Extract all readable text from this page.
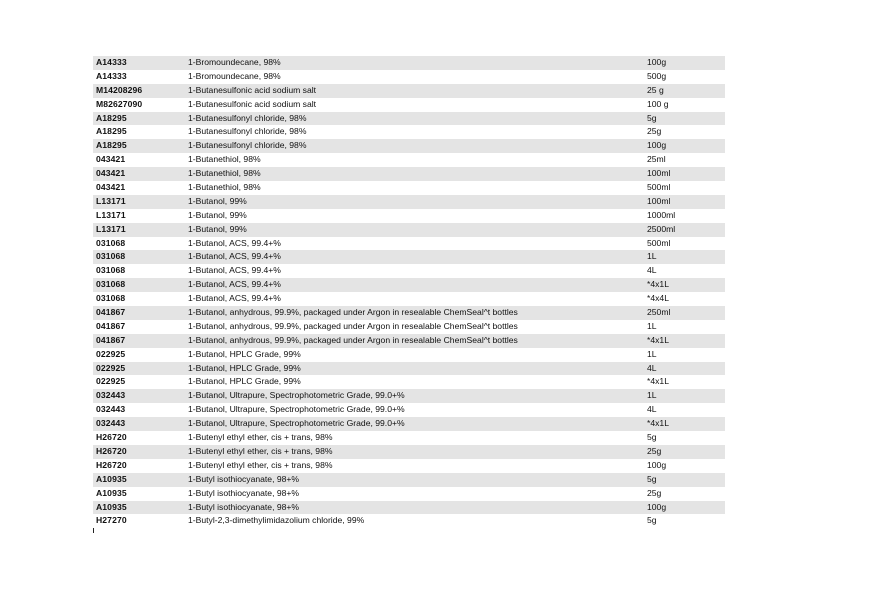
A14333	1-Bromoundecane, 98%	100g
A14333	1-Bromoundecane, 98%	500g
M14208296	1-Butanesulfonic acid sodium salt	25 g
M82627090	1-Butanesulfonic acid sodium salt	100 g
A18295	1-Butanesulfonyl chloride, 98%	5g
A18295	1-Butanesulfonyl chloride, 98%	25g
A18295	1-Butanesulfonyl chloride, 98%	100g
043421	1-Butanethiol, 98%	25ml
043421	1-Butanethiol, 98%	100ml
043421	1-Butanethiol, 98%	500ml
L13171	1-Butanol, 99%	100ml
L13171	1-Butanol, 99%	1000ml
L13171	1-Butanol, 99%	2500ml
031068	1-Butanol, ACS, 99.4+%	500ml
031068	1-Butanol, ACS, 99.4+%	1L
031068	1-Butanol, ACS, 99.4+%	4L
031068	1-Butanol, ACS, 99.4+%	*4x1L
031068	1-Butanol, ACS, 99.4+%	*4x4L
041867	1-Butanol, anhydrous, 99.9%, packaged under Argon in resealable ChemSeal^t bottles	250ml
041867	1-Butanol, anhydrous, 99.9%, packaged under Argon in resealable ChemSeal^t bottles	1L
041867	1-Butanol, anhydrous, 99.9%, packaged under Argon in resealable ChemSeal^t bottles	*4x1L
022925	1-Butanol, HPLC Grade, 99%	1L
022925	1-Butanol, HPLC Grade, 99%	4L
022925	1-Butanol, HPLC Grade, 99%	*4x1L
032443	1-Butanol, Ultrapure, Spectrophotometric Grade, 99.0+%	1L
032443	1-Butanol, Ultrapure, Spectrophotometric Grade, 99.0+%	4L
032443	1-Butanol, Ultrapure, Spectrophotometric Grade, 99.0+%	*4x1L
H26720	1-Butenyl ethyl ether, cis + trans, 98%	5g
H26720	1-Butenyl ethyl ether, cis + trans, 98%	25g
H26720	1-Butenyl ethyl ether, cis + trans, 98%	100g
A10935	1-Butyl isothiocyanate, 98+%	5g
A10935	1-Butyl isothiocyanate, 98+%	25g
A10935	1-Butyl isothiocyanate, 98+%	100g
H27270	1-Butyl-2,3-dimethylimidazolium chloride, 99%	5g
